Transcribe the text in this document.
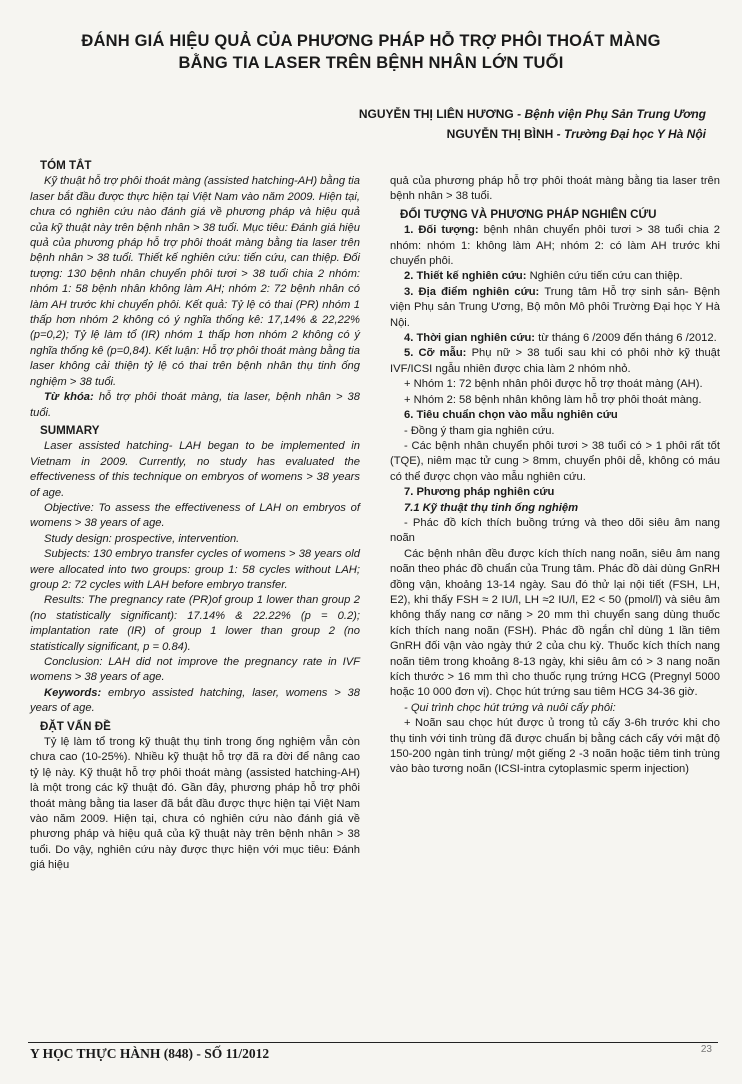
ĐÁNH GIÁ HIỆU QUẢ CỦA PHƯƠNG PHÁP HỖ TRỢ PHÔI THOÁT MÀNG
BẰNG TIA LASER TRÊN BỆNH NHÂN LỚN TUỔI
NGUYỄN THỊ LIÊN HƯƠNG - Bệnh viện Phụ Sản Trung Ương
NGUYỄN THỊ BÌNH - Trường Đại học Y Hà Nội
TÓM TẮT

Kỹ thuật hỗ trợ phôi thoát màng (assisted hatching-AH) bằng tia laser bắt đầu được thực hiện tại Việt Nam vào năm 2009. Hiện tại, chưa có nghiên cứu nào đánh giá về phương pháp và hiệu quả của kỹ thuật này trên bệnh nhân > 38 tuổi. Mục tiêu: Đánh giá hiệu quả của phương pháp hỗ trợ phôi thoát màng bằng tia laser trên bệnh nhân > 38 tuổi. Thiết kế nghiên cứu: tiến cứu, can thiệp. Đối tượng: 130 bệnh nhân chuyển phôi tươi > 38 tuổi chia 2 nhóm: nhóm 1: 58 bệnh nhân không làm AH; nhóm 2: 72 bệnh nhân có làm AH trước khi chuyển phôi. Kết quả: Tỷ lệ có thai (PR) nhóm 1 thấp hơn nhóm 2 không có ý nghĩa thống kê: 17,14% & 22,22% (p=0,2); Tỷ lệ làm tổ (IR) nhóm 1 thấp hơn nhóm 2 không có ý nghĩa thống kê (p=0,84). Kết luận: Hỗ trợ phôi thoát màng bằng tia laser không cải thiện tỷ lệ có thai trên bệnh nhân thụ tinh ống nghiệm > 38 tuổi.

Từ khóa: hỗ trợ phôi thoát màng, tia laser, bệnh nhân > 38 tuổi.

SUMMARY

Laser assisted hatching- LAH began to be implemented in Vietnam in 2009. Currently, no study has evaluated the effectiveness of this technique on embryos of womens > 38 years of age.

Objective: To assess the effectiveness of LAH on embryos of womens > 38 years of age.

Study design: prospective, intervention.

Subjects: 130 embryo transfer cycles of womens > 38 years old were allocated into two groups: group 1: 58 cycles without LAH; group 2: 72 cycles with LAH before embryo transfer.

Results: The pregnancy rate (PR)of group 1 lower than group 2 (no statistically significant): 17.14% & 22.22% (p = 0.2); implantation rate (IR) of group 1 lower than group 2 (no statistically significant, p = 0.84).

Conclusion: LAH did not improve the pregnancy rate in IVF womens > 38 years of age.

Keywords: embryo assisted hatching, laser, womens > 38 years of age.

ĐẶT VẤN ĐỀ

Tỷ lệ làm tổ trong kỹ thuật thụ tinh trong ống nghiệm vẫn còn chưa cao (10-25%). Nhiều kỹ thuật hỗ trợ đã ra đời để nâng cao tỷ lệ này. Kỹ thuật hỗ trợ phôi thoát màng (assisted hatching-AH) là một trong các kỹ thuật đó. Gần đây, phương pháp hỗ trợ phôi thoát màng bằng tia laser đã bắt đầu được thực hiện tại Việt Nam vào năm 2009. Hiện tại, chưa có nghiên cứu nào đánh giá về phương pháp và hiệu quả của kỹ thuật này trên bệnh nhân > 38 tuổi. Do vậy, nghiên cứu này được thực hiện với mục tiêu: Đánh giá hiệu

quả của phương pháp hỗ trợ phôi thoát màng bằng tia laser trên bệnh nhân > 38 tuổi.

ĐỐI TƯỢNG VÀ PHƯƠNG PHÁP NGHIÊN CỨU

1. Đối tượng: bệnh nhân chuyển phôi tươi > 38 tuổi chia 2 nhóm: nhóm 1: không làm AH; nhóm 2: có làm AH trước khi chuyển phôi.

2. Thiết kế nghiên cứu: Nghiên cứu tiến cứu can thiệp.

3. Địa điểm nghiên cứu: Trung tâm Hỗ trợ sinh sản- Bệnh viện Phụ sản Trung Ương, Bộ môn Mô phôi Trường Đại học Y Hà Nội.

4. Thời gian nghiên cứu: từ tháng 6 /2009 đến tháng 6 /2012.

5. Cỡ mẫu: Phụ nữ > 38 tuổi sau khi có phôi nhờ kỹ thuật IVF/ICSI ngẫu nhiên được chia làm 2 nhóm nhỏ.

+ Nhóm 1: 72 bệnh nhân phôi được hỗ trợ thoát màng (AH).

+ Nhóm 2: 58 bệnh nhân không làm hỗ trợ phôi thoát màng.

6. Tiêu chuẩn chọn vào mẫu nghiên cứu

- Đồng ý tham gia nghiên cứu.

- Các bệnh nhân chuyển phôi tươi > 38 tuổi có > 1 phôi rất tốt (TQE), niêm mạc tử cung > 8mm, chuyển phôi dễ, không có máu có thể được chọn vào mẫu nghiên cứu.

7. Phương pháp nghiên cứu

7.1 Kỹ thuật thụ tinh ống nghiệm

- Phác đồ kích thích buồng trứng và theo dõi siêu âm nang noãn

Các bệnh nhân đều được kích thích nang noãn, siêu âm nang noãn theo phác đồ chuẩn của Trung tâm. Phác đồ dài dùng GnRH đồng vận, khoảng 13-14 ngày. Sau đó thử lại nội tiết (FSH, LH, E2), khi thấy FSH ≈ 2 IU/l, LH ≈2 IU/l, E2 < 50 (pmol/l) và siêu âm không thấy nang cơ năng > 20 mm thì chuyển sang dùng thuốc kích thích nang noãn (FSH). Phác đồ ngắn chỉ dùng 1 lần tiêm GnRH đối vận vào ngày thứ 2 của chu kỳ. Thuốc kích thích nang noãn tiêm trong khoảng 8-13 ngày, khi siêu âm có > 3 nang noãn kích thước > 16 mm thì cho thuốc rụng trứng HCG (Pregnyl 5000 hoặc 10 000 đơn vị). Chọc hút trứng sau tiêm HCG 34-36 giờ.

- Qui trình chọc hút trứng và nuôi cấy phôi:

+ Noãn sau chọc hút được ủ trong tủ cấy 3-6h trước khi cho thụ tinh với tinh trùng đã được chuẩn bị bằng cách cấy với mật độ 150-200 ngàn tinh trùng/ một giếng 2 -3 noãn hoặc tiêm tinh trùng vào bào tương noãn (ICSI-intra cytoplasmic sperm injection)

Y HỌC THỰC HÀNH (848) - SỐ 11/2012	23
